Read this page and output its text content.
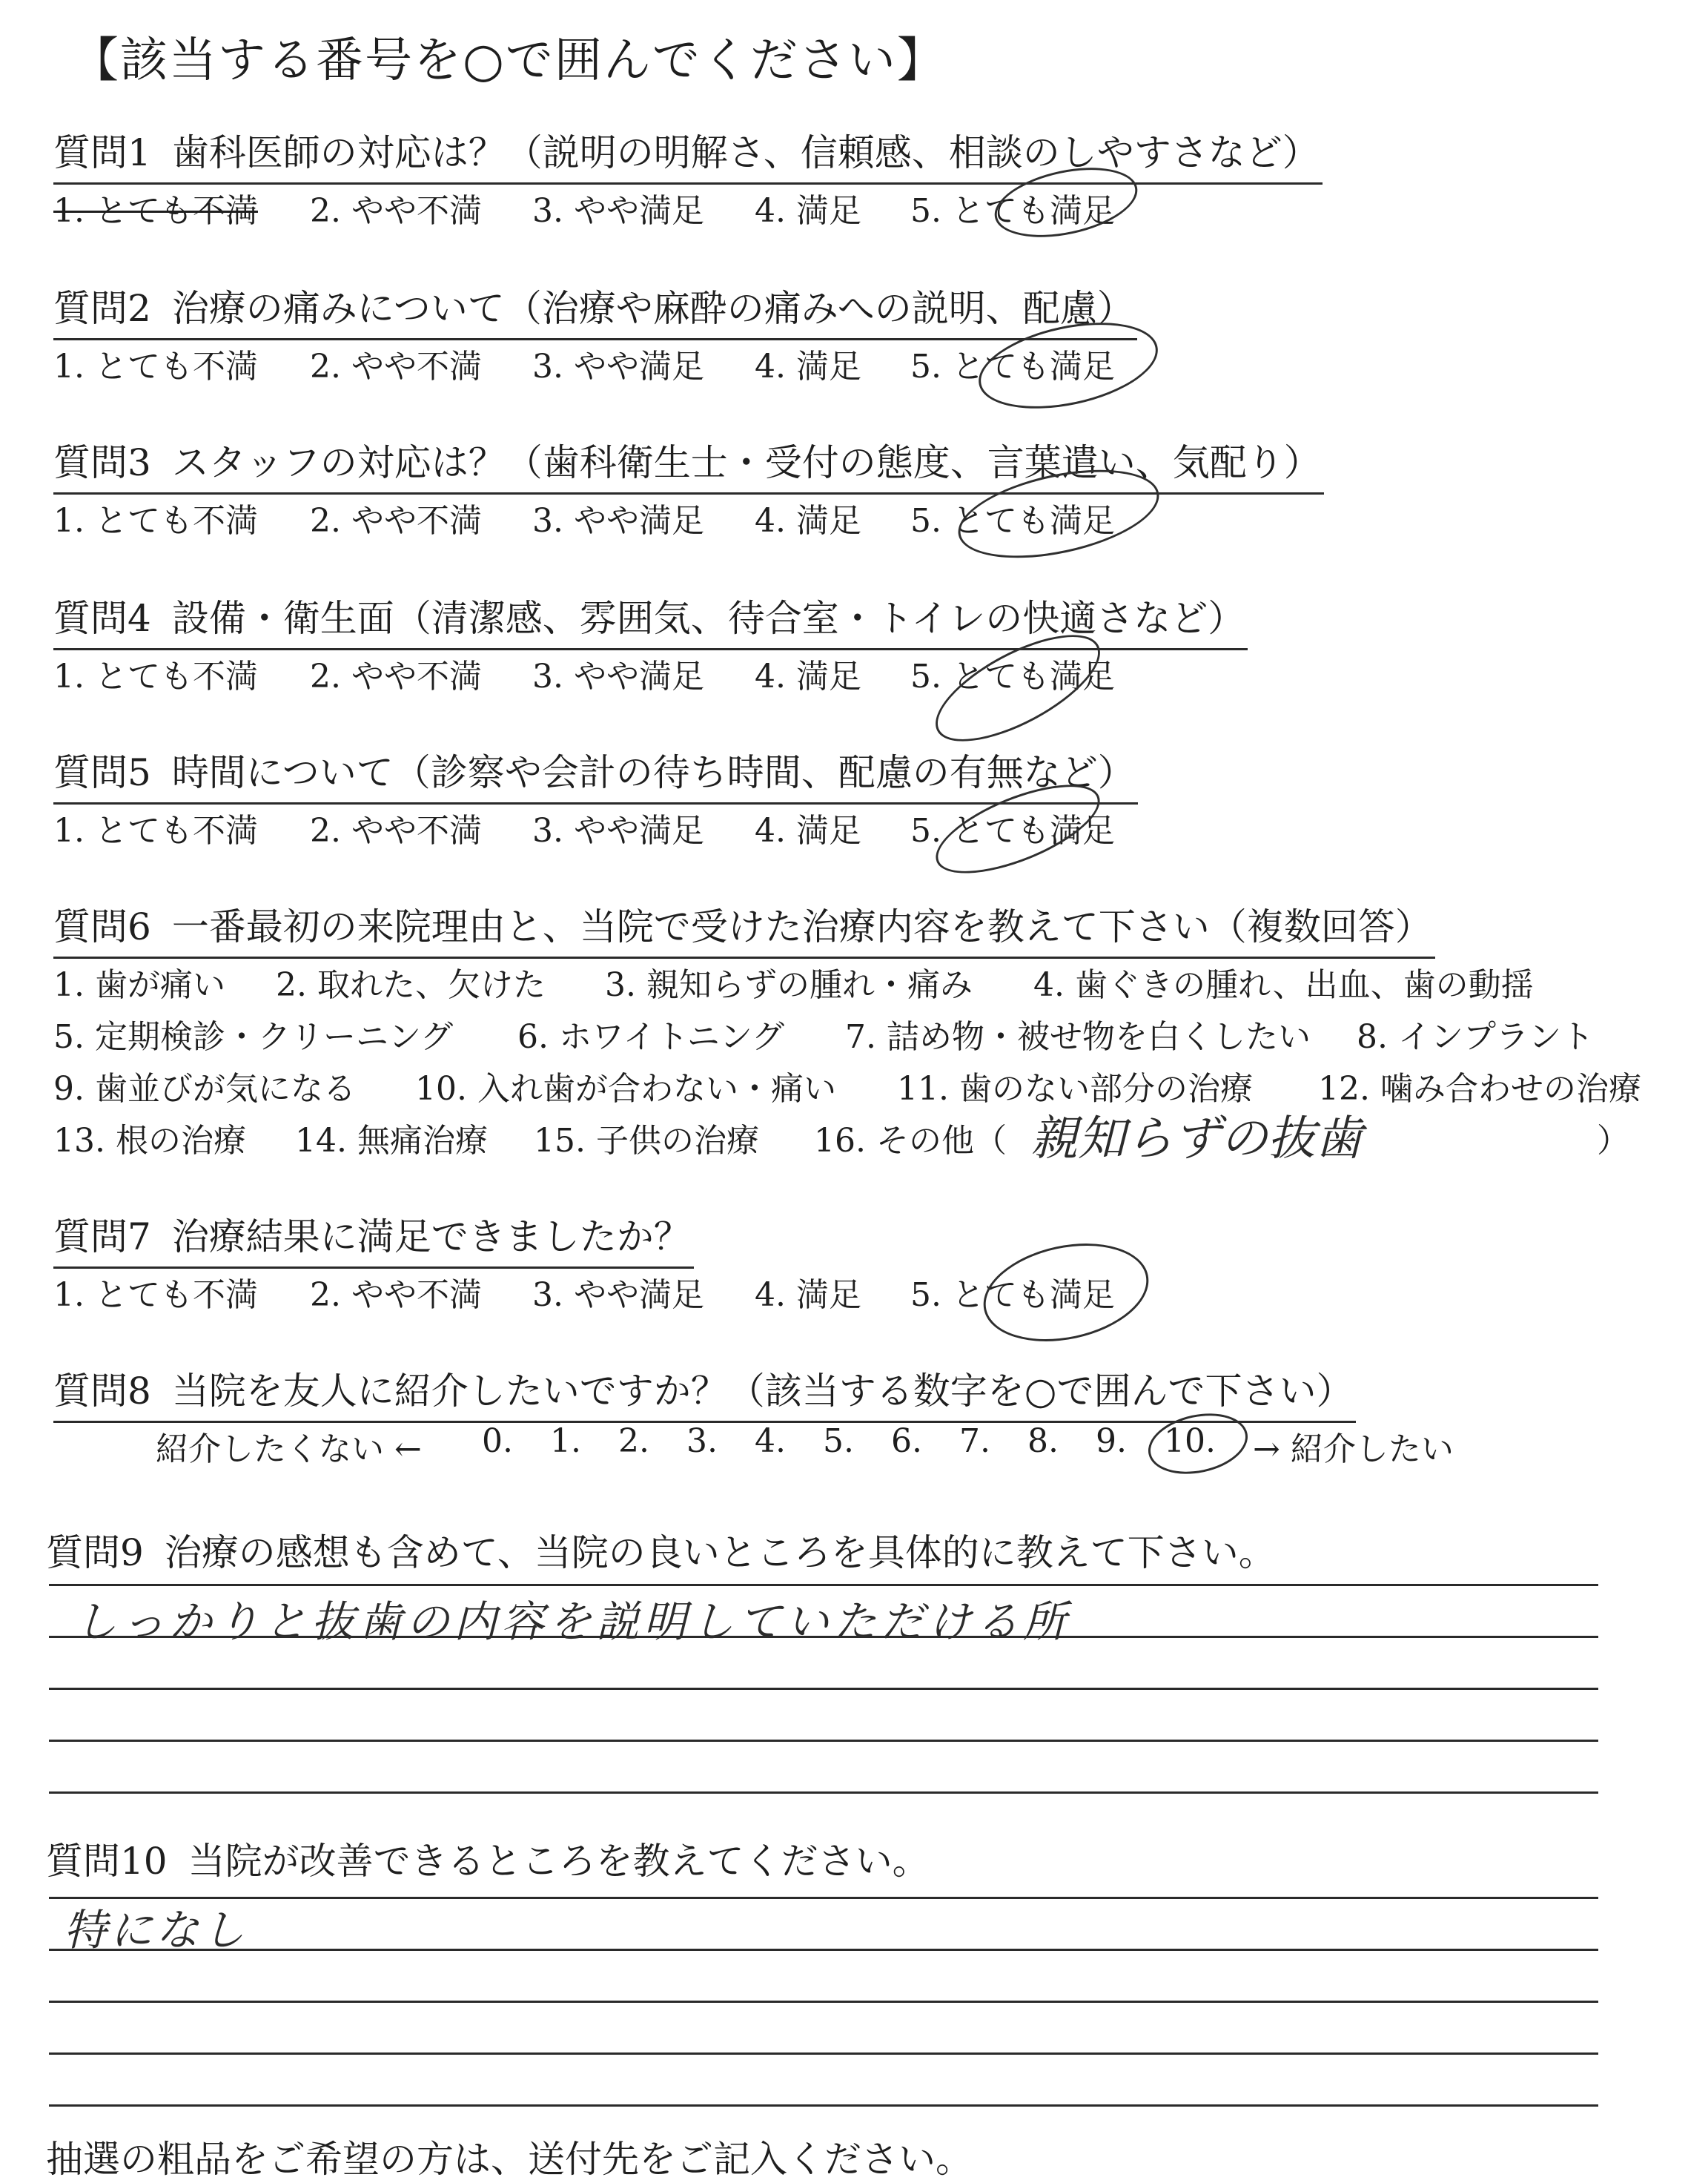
【該当する番号を○で囲んでください】
質問1 歯科医師の対応は？（説明の明解さ、信頼感、相談のしやすさなど）
1. とても不満 2. やや不満 3. やや満足 4. 満足 5. とても満足
質問2 治療の痛みについて（治療や麻酔の痛みへの説明、配慮）
1. とても不満 2. やや不満 3. やや満足 4. 満足 5. とても満足
質問3 スタッフの対応は？（歯科衛生士・受付の態度、言葉遣い、気配り）
1. とても不満 2. やや不満 3. やや満足 4. 満足 5. とても満足
質問4 設備・衛生面（清潔感、雰囲気、待合室・トイレの快適さなど）
1. とても不満 2. やや不満 3. やや満足 4. 満足 5. とても満足
質問5 時間について（診察や会計の待ち時間、配慮の有無など）
1. とても不満 2. やや不満 3. やや満足 4. 満足 5. とても満足
質問6 一番最初の来院理由と、当院で受けた治療内容を教えて下さい（複数回答）
1. 歯が痛い 2. 取れた、欠けた 3. 親知らずの腫れ・痛み 4. 歯ぐきの腫れ、出血、歯の動揺
5. 定期検診・クリーニング 6. ホワイトニング 7. 詰め物・被せ物を白くしたい 8. インプラント
9. 歯並びが気になる 10. 入れ歯が合わない・痛い 11. 歯のない部分の治療 12. 噛み合わせの治療
13. 根の治療 14. 無痛治療 15. 子供の治療 16. その他（	）
親知らずの抜歯
質問7 治療結果に満足できましたか？
1. とても不満 2. やや不満 3. やや満足 4. 満足 5. とても満足
質問8 当院を友人に紹介したいですか？（該当する数字を○で囲んで下さい）
紹介したくない ← 0. 1. 2. 3. 4. 5. 6. 7. 8. 9. 10. → 紹介したい
質問9 治療の感想も含めて、当院の良いところを具体的に教えて下さい。
しっかりと抜歯の内容を説明していただける所
質問10 当院が改善できるところを教えてください。
特になし
抽選の粗品をご希望の方は、送付先をご記入ください。
